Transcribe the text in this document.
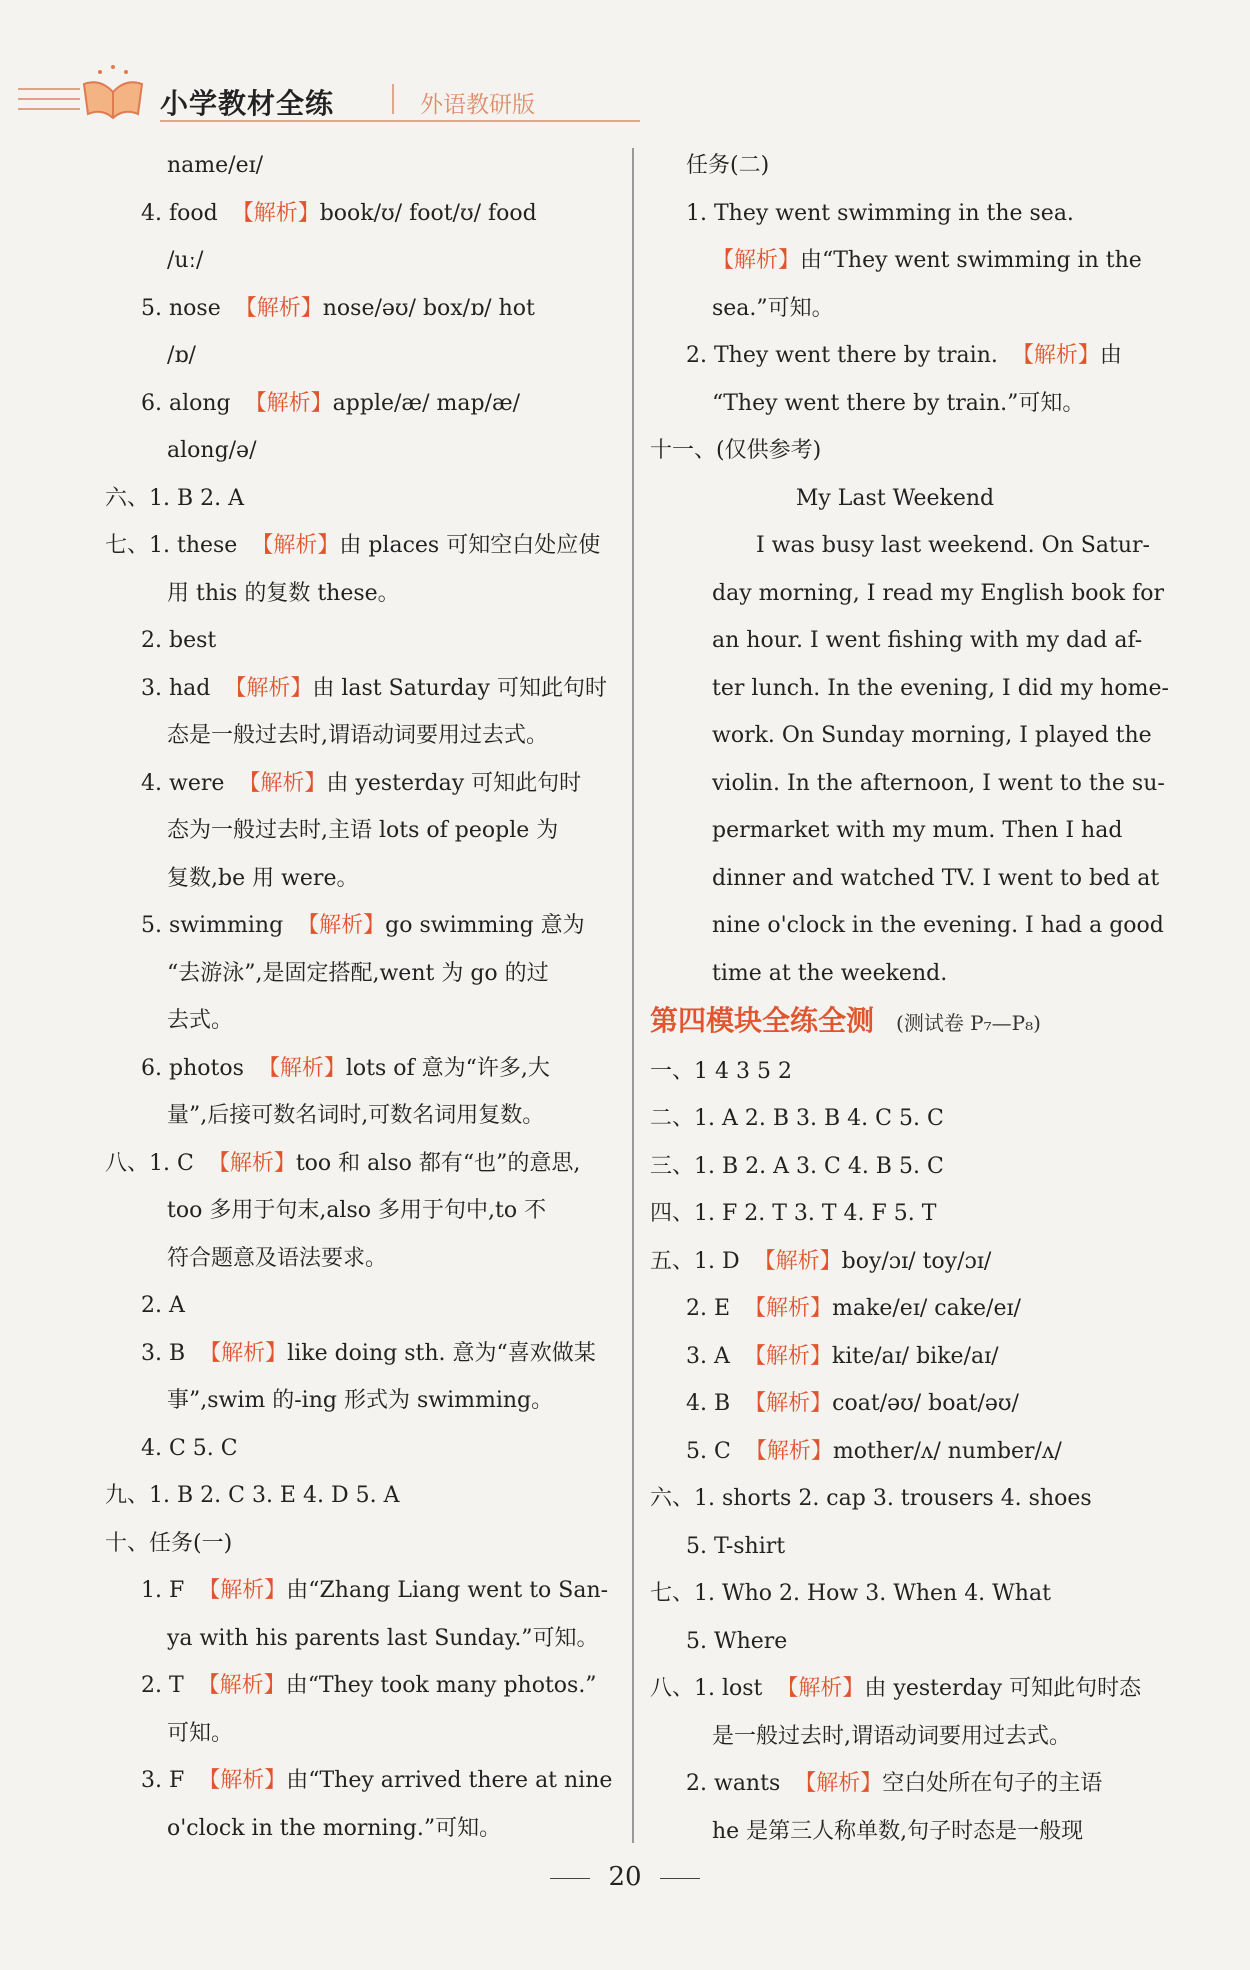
小学教材全练	外语教研版
name/eɪ/
4. food 【解析】book/ʊ/ foot/ʊ/ food
/uː/
5. nose 【解析】nose/əʊ/ box/ɒ/ hot
/ɒ/
6. along 【解析】apple/æ/ map/æ/
along/ə/
六、1. B 2. A
七、1. these 【解析】由 places 可知空白处应使
用 this 的复数 these。
2. best
3. had 【解析】由 last Saturday 可知此句时
态是一般过去时,谓语动词要用过去式。
4. were 【解析】由 yesterday 可知此句时
态为一般过去时,主语 lots of people 为
复数,be 用 were。
5. swimming 【解析】go swimming 意为
“去游泳”,是固定搭配,went 为 go 的过
去式。
6. photos 【解析】lots of 意为“许多,大
量”,后接可数名词时,可数名词用复数。
八、1. C 【解析】too 和 also 都有“也”的意思,
too 多用于句末,also 多用于句中,to 不
符合题意及语法要求。
2. A
3. B 【解析】like doing sth. 意为“喜欢做某
事”,swim 的-ing 形式为 swimming。
4. C 5. C
九、1. B 2. C 3. E 4. D 5. A
十、任务(一)
1. F 【解析】由“Zhang Liang went to San-
ya with his parents last Sunday.”可知。
2. T 【解析】由“They took many photos.”
可知。
3. F 【解析】由“They arrived there at nine
o'clock in the morning.”可知。
任务(二)
1. They went swimming in the sea.
【解析】由“They went swimming in the
sea.”可知。
2. They went there by train. 【解析】由
“They went there by train.”可知。
十一、(仅供参考)
My Last Weekend
I was busy last weekend. On Satur-
day morning, I read my English book for
an hour. I went fishing with my dad af-
ter lunch. In the evening, I did my home-
work. On Sunday morning, I played the
violin. In the afternoon, I went to the su-
permarket with my mum. Then I had
dinner and watched TV. I went to bed at
nine o'clock in the evening. I had a good
time at the weekend.
第四模块全练全测 (测试卷 P₇—P₈)
一、1 4 3 5 2
二、1. A 2. B 3. B 4. C 5. C
三、1. B 2. A 3. C 4. B 5. C
四、1. F 2. T 3. T 4. F 5. T
五、1. D 【解析】boy/ɔɪ/ toy/ɔɪ/
2. E 【解析】make/eɪ/ cake/eɪ/
3. A 【解析】kite/aɪ/ bike/aɪ/
4. B 【解析】coat/əʊ/ boat/əʊ/
5. C 【解析】mother/ʌ/ number/ʌ/
六、1. shorts 2. cap 3. trousers 4. shoes
5. T-shirt
七、1. Who 2. How 3. When 4. What
5. Where
八、1. lost 【解析】由 yesterday 可知此句时态
是一般过去时,谓语动词要用过去式。
2. wants 【解析】空白处所在句子的主语
he 是第三人称单数,句子时态是一般现
20
